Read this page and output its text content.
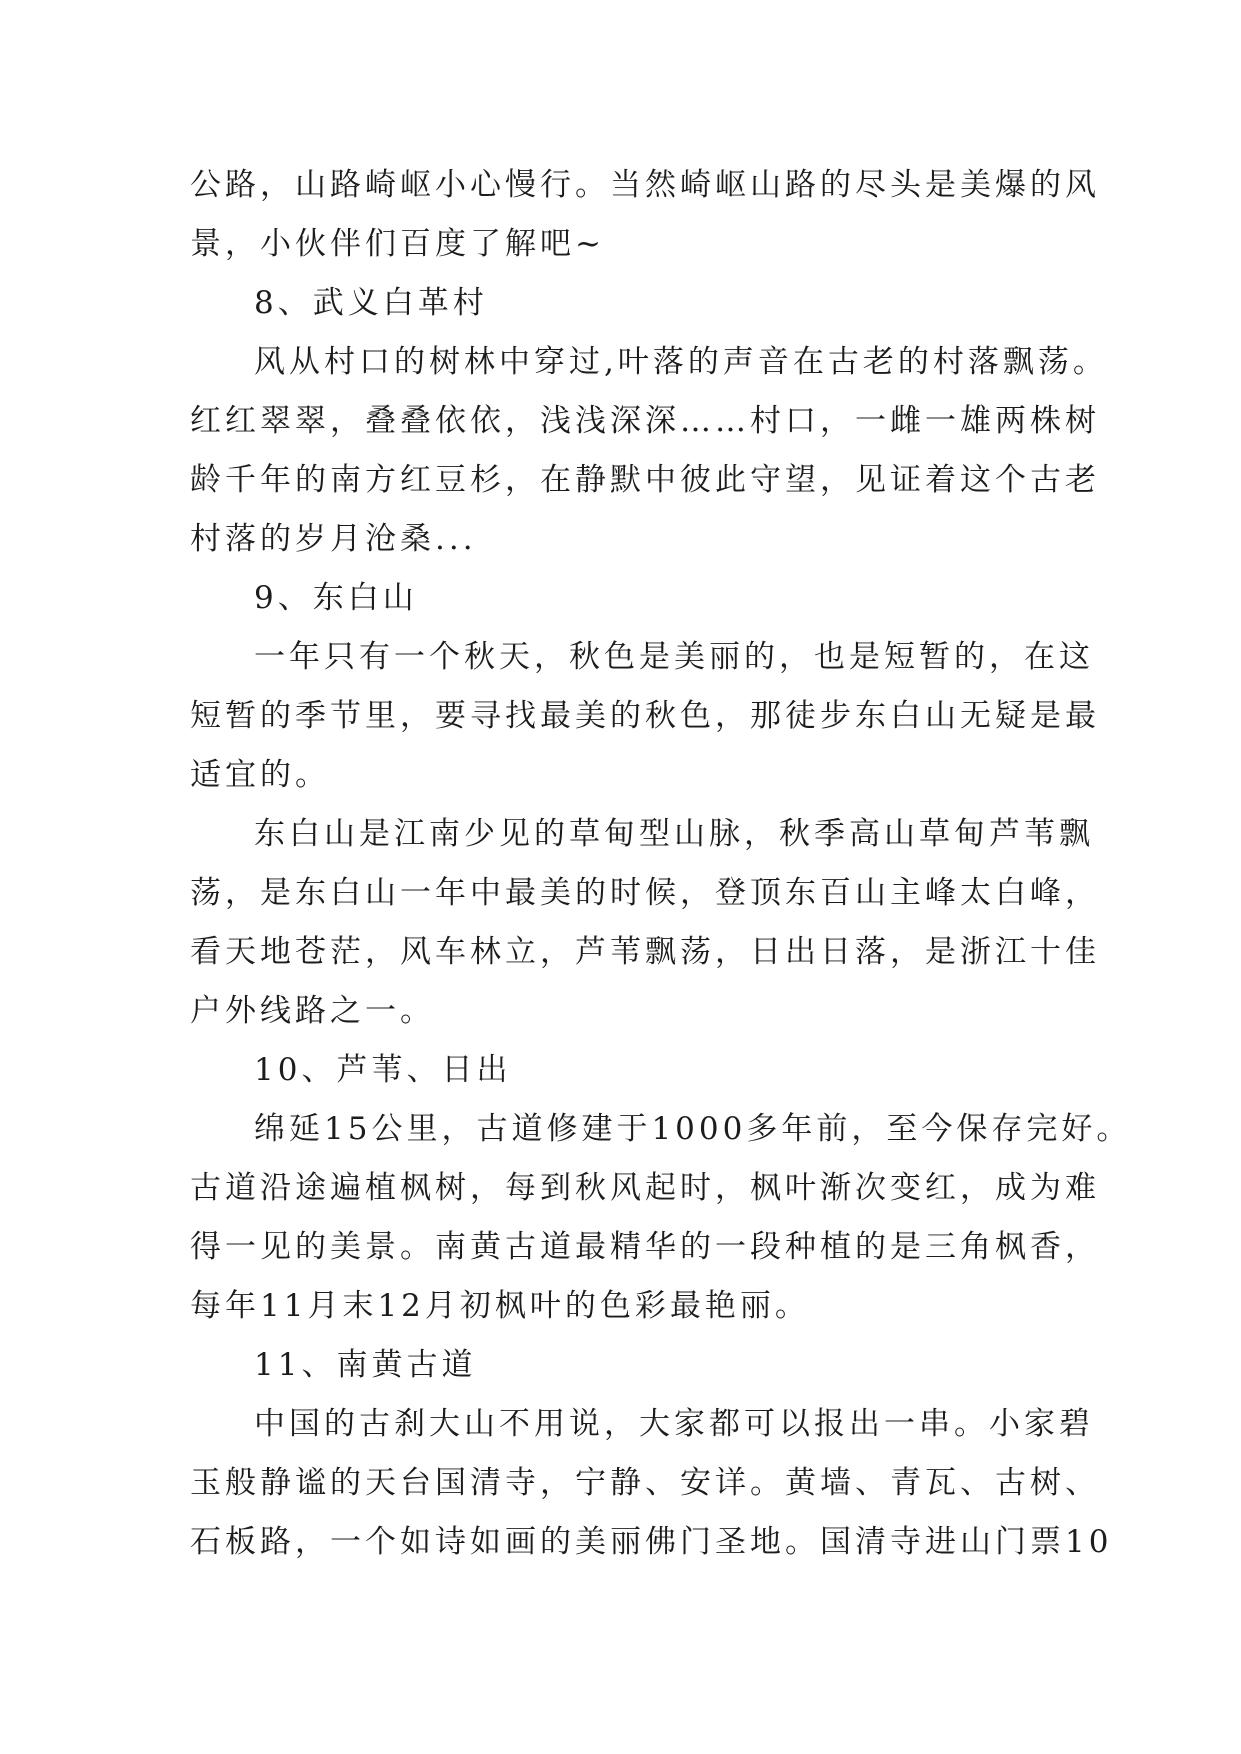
公路，山路崎岖小心慢行。当然崎岖山路的尽头是美爆的风
景，小伙伴们百度了解吧~
8、武义白革村
风从村口的树林中穿过,叶落的声音在古老的村落飘荡。
红红翠翠，叠叠依依，浅浅深深……村口，一雌一雄两株树
龄千年的南方红豆杉，在静默中彼此守望，见证着这个古老
村落的岁月沧桑...
9、东白山
一年只有一个秋天，秋色是美丽的，也是短暂的，在这
短暂的季节里，要寻找最美的秋色，那徒步东白山无疑是最
适宜的。
东白山是江南少见的草甸型山脉，秋季高山草甸芦苇飘
荡，是东白山一年中最美的时候，登顶东百山主峰太白峰，
看天地苍茫，风车林立，芦苇飘荡，日出日落，是浙江十佳
户外线路之一。
10、芦苇、日出
绵延15公里，古道修建于1000多年前，至今保存完好。
古道沿途遍植枫树，每到秋风起时，枫叶渐次变红，成为难
得一见的美景。南黄古道最精华的一段种植的是三角枫香，
每年11月末12月初枫叶的色彩最艳丽。
11、南黄古道
中国的古刹大山不用说，大家都可以报出一串。小家碧
玉般静谧的天台国清寺，宁静、安详。黄墙、青瓦、古树、
石板路，一个如诗如画的美丽佛门圣地。国清寺进山门票10
